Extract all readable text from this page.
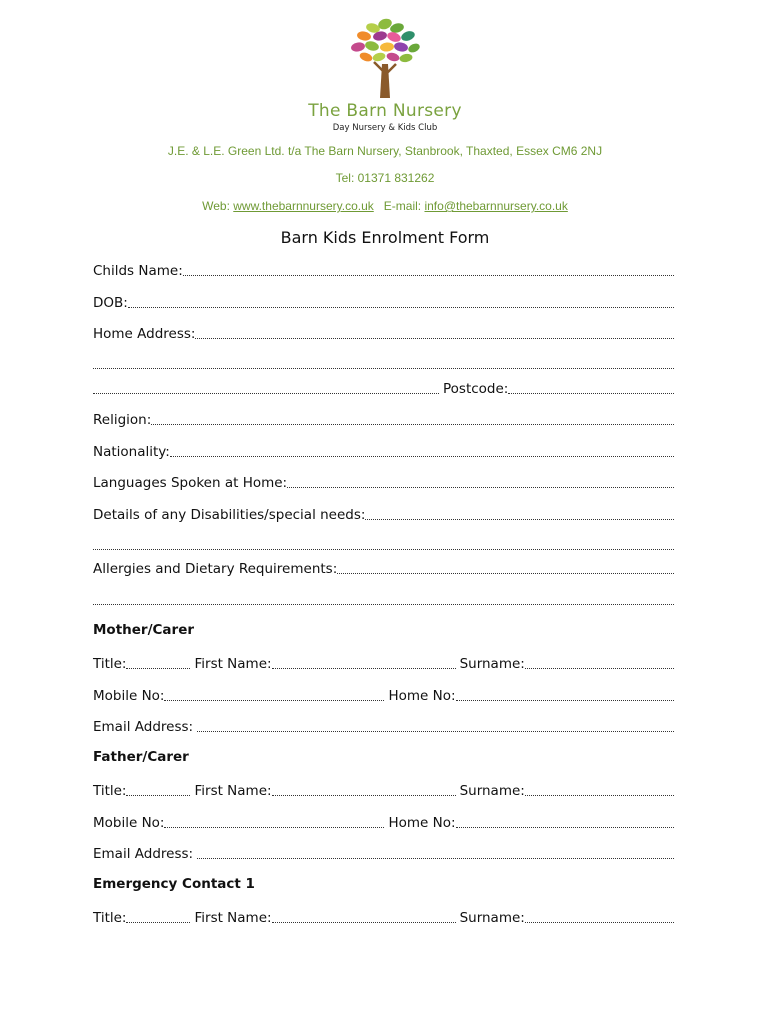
The Barn Nursery
Day Nursery & Kids Club
J.E. & L.E. Green Ltd. t/a The Barn Nursery, Stanbrook, Thaxted, Essex CM6 2NJ
Tel: 01371 831262
Web: www.thebarnnursery.co.uk E-mail: info@thebarnnursery.co.uk
Barn Kids Enrolment Form
Childs Name:
DOB:
Home Address:
Postcode:
Religion:
Nationality:
Languages Spoken at Home:
Details of any Disabilities/special needs:
Allergies and Dietary Requirements:
Mother/Carer
Title:	First Name:	Surname:
Mobile No:	Home No:
Email Address:
Father/Carer
Title:	First Name:	Surname:
Mobile No:	Home No:
Email Address:
Emergency Contact 1
Title:	First Name:	Surname:
